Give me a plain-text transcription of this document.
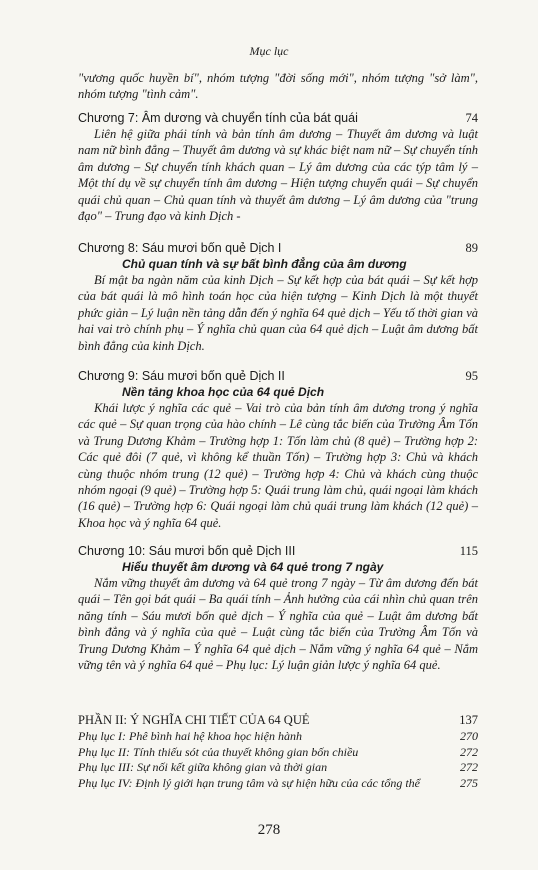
Mục lục
"vương quốc huyền bí", nhóm tượng "đời sống mới", nhóm tượng "sở làm", nhóm tượng "tình cảm".
Chương 7: Âm dương và chuyển tính của bát quái	74
Liên hệ giữa phái tính và bản tính âm dương – Thuyết âm dương và luật nam nữ bình đẳng – Thuyết âm dương và sự khác biệt nam nữ – Sự chuyển tính âm dương – Sự chuyển tính khách quan – Lý âm dương của các týp tâm lý – Một thí dụ về sự chuyển tính âm dương – Hiện tượng chuyển quái – Sự chuyển quái chủ quan – Chủ quan tính và thuyết âm dương – Lý âm dương của "trung đạo" – Trung đạo và kinh Dịch -
Chương 8: Sáu mươi bốn quẻ Dịch I	89
Chủ quan tính và sự bất bình đẳng của âm dương
Bí mật ba ngàn năm của kinh Dịch – Sự kết hợp của bát quái – Sự kết hợp của bát quái là mô hình toán học của hiện tượng – Kinh Dịch là một thuyết phức giản – Lý luận nền tảng dẫn đến ý nghĩa 64 quẻ dịch – Yếu tố thời gian và hai vai trò chính phụ – Ý nghĩa chủ quan của 64 quẻ dịch – Luật âm dương bất bình đẳng của kinh Dịch.
Chương 9: Sáu mươi bốn quẻ Dịch II	95
Nền tảng khoa học của 64 quẻ Dịch
Khái lược ý nghĩa các quẻ – Vai trò của bản tính âm dương trong ý nghĩa các quẻ – Sự quan trọng của hào chính – Lê cùng tắc biến của Trường Âm Tốn và Trung Dương Khảm – Trường hợp 1: Tốn làm chủ (8 quẻ) – Trường hợp 2: Các quẻ đôi (7 quẻ, vì không kể thuần Tốn) – Trường hợp 3: Chủ và khách cùng thuộc nhóm trung (12 quẻ) – Trường hợp 4: Chủ và khách cùng thuộc nhóm ngoại (9 quẻ) – Trường hợp 5: Quái trung làm chủ, quái ngoại làm khách (16 quẻ) – Trường hợp 6: Quái ngoại làm chủ quái trung làm khách (12 quẻ) – Khoa học và ý nghĩa 64 quẻ.
Chương 10: Sáu mươi bốn quẻ Dịch III	115
Hiểu thuyết âm dương và 64 quẻ trong 7 ngày
Nắm vững thuyết âm dương và 64 quẻ trong 7 ngày – Từ âm dương đến bát quái – Tên gọi bát quái – Ba quái tính – Ảnh hưởng của cái nhìn chủ quan trên năng tính – Sáu mươi bốn quẻ dịch – Ý nghĩa của quẻ – Luật âm dương bất bình đẳng và ý nghĩa của quẻ – Luật cùng tắc biến của Trường Âm Tốn và Trung Dương Khảm – Ý nghĩa 64 quẻ dịch – Nắm vững ý nghĩa 64 quẻ – Nắm vững tên và ý nghĩa 64 quẻ – Phụ lục: Lý luận giản lược ý nghĩa 64 quẻ.
PHẦN II: Ý NGHĨA CHI TIẾT CỦA 64 QUẺ	137
Phụ lục I: Phê bình hai hệ khoa học hiện hành	270
Phụ lục II: Tính thiếu sót của thuyết không gian bốn chiều	272
Phụ lục III: Sự nối kết giữa không gian và thời gian	272
Phụ lục IV: Định lý giới hạn trung tâm và sự hiện hữu của các tổng thể	275
278
